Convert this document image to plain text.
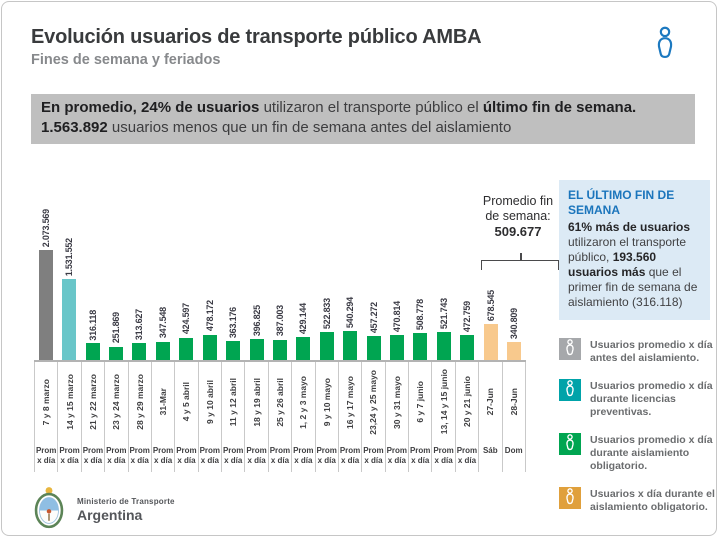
Evolución usuarios de transporte público AMBA
Fines de semana y feriados
En promedio, 24% de usuarios utilizaron el transporte público el último fin de semana. 1.563.892 usuarios menos que un fin de semana antes del aislamiento
2.073.569
1.531.552
316.118 251.869 313.627 347.548 424.597 478.172 363.176 396.825 387.003 429.144 522.833 540.294 457.272 470.814 508.778 521.743 472.759 678.545
340.809
7 y 8 marzo 14 y 15 marzo 21 y 22 marzo 23 y 24 marzo 28 y 29 marzo 31-Mar 4 y 5 abril 9 y 10 abril 11 y 12 abril 18 y 19 abril 25 y 26 abril 1, 2 y 3 mayo 9 y 10 mayo 16 y 17 mayo 23,24 y 25 mayo 30 y 31 mayo 6 y 7 junio 13, 14 y 15 junio 20 y 21 junio 27-Jun 28-Jun
Prom
x día
Prom
x día
Prom
x día
Prom
x día
Prom
x día
Prom
x día
Prom
x día
Prom
x día
Prom
x día
Prom
x día
Prom
x día
Prom
x día
Prom
x día
Prom
x día
Prom
x día
Prom
x día
Prom
x día
Prom
x día
Prom
x día
Sáb Dom
Promedio fin de semana:
509.677
EL ÚLTIMO FIN DE SEMANA
61% más de usuarios utilizaron el transporte público, 193.560 usuarios más que el primer fin de semana de aislamiento (316.118)
Usuarios promedio x día antes del aislamiento.
Usuarios promedio x día durante licencias preventivas.
Usuarios promedio x día durante aislamiento obligatorio.
Usuarios x día durante el aislamiento obligatorio.
Ministerio de Transporte
Argentina
